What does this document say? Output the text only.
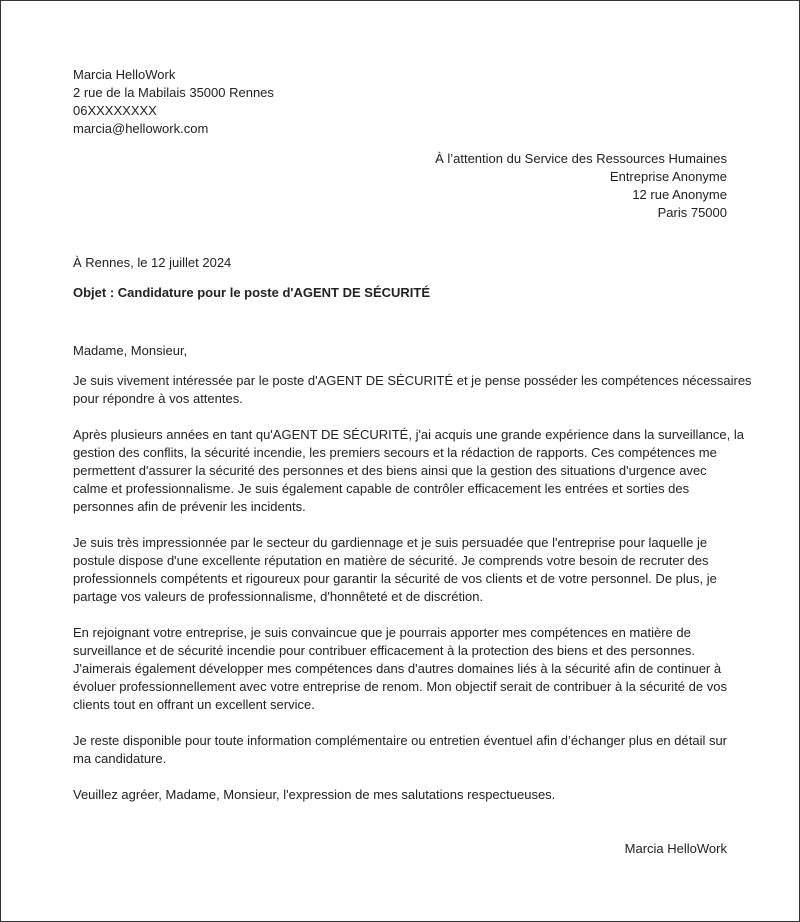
Marcia HelloWork
2 rue de la Mabilais 35000 Rennes
06XXXXXXXX
marcia@hellowork.com
À l’attention du Service des Ressources Humaines
Entreprise Anonyme
12 rue Anonyme
Paris 75000
À Rennes, le 12 juillet 2024
Objet : Candidature pour le poste d'AGENT DE SÉCURITÉ
Madame, Monsieur,
Je suis vivement intéressée par le poste d'AGENT DE SÉCURITÉ et je pense posséder les compétences nécessaires
pour répondre à vos attentes.
Après plusieurs années en tant qu'AGENT DE SÉCURITÉ, j'ai acquis une grande expérience dans la surveillance, la
gestion des conflits, la sécurité incendie, les premiers secours et la rédaction de rapports. Ces compétences me
permettent d'assurer la sécurité des personnes et des biens ainsi que la gestion des situations d'urgence avec
calme et professionnalisme. Je suis également capable de contrôler efficacement les entrées et sorties des
personnes afin de prévenir les incidents.
Je suis très impressionnée par le secteur du gardiennage et je suis persuadée que l'entreprise pour laquelle je
postule dispose d'une excellente réputation en matière de sécurité. Je comprends votre besoin de recruter des
professionnels compétents et rigoureux pour garantir la sécurité de vos clients et de votre personnel. De plus, je
partage vos valeurs de professionnalisme, d'honnêteté et de discrétion.
En rejoignant votre entreprise, je suis convaincue que je pourrais apporter mes compétences en matière de
surveillance et de sécurité incendie pour contribuer efficacement à la protection des biens et des personnes.
J'aimerais également développer mes compétences dans d'autres domaines liés à la sécurité afin de continuer à
évoluer professionnellement avec votre entreprise de renom. Mon objectif serait de contribuer à la sécurité de vos
clients tout en offrant un excellent service.
Je reste disponible pour toute information complémentaire ou entretien éventuel afin d’échanger plus en détail sur
ma candidature.
Veuillez agréer, Madame, Monsieur, l'expression de mes salutations respectueuses.
Marcia HelloWork
